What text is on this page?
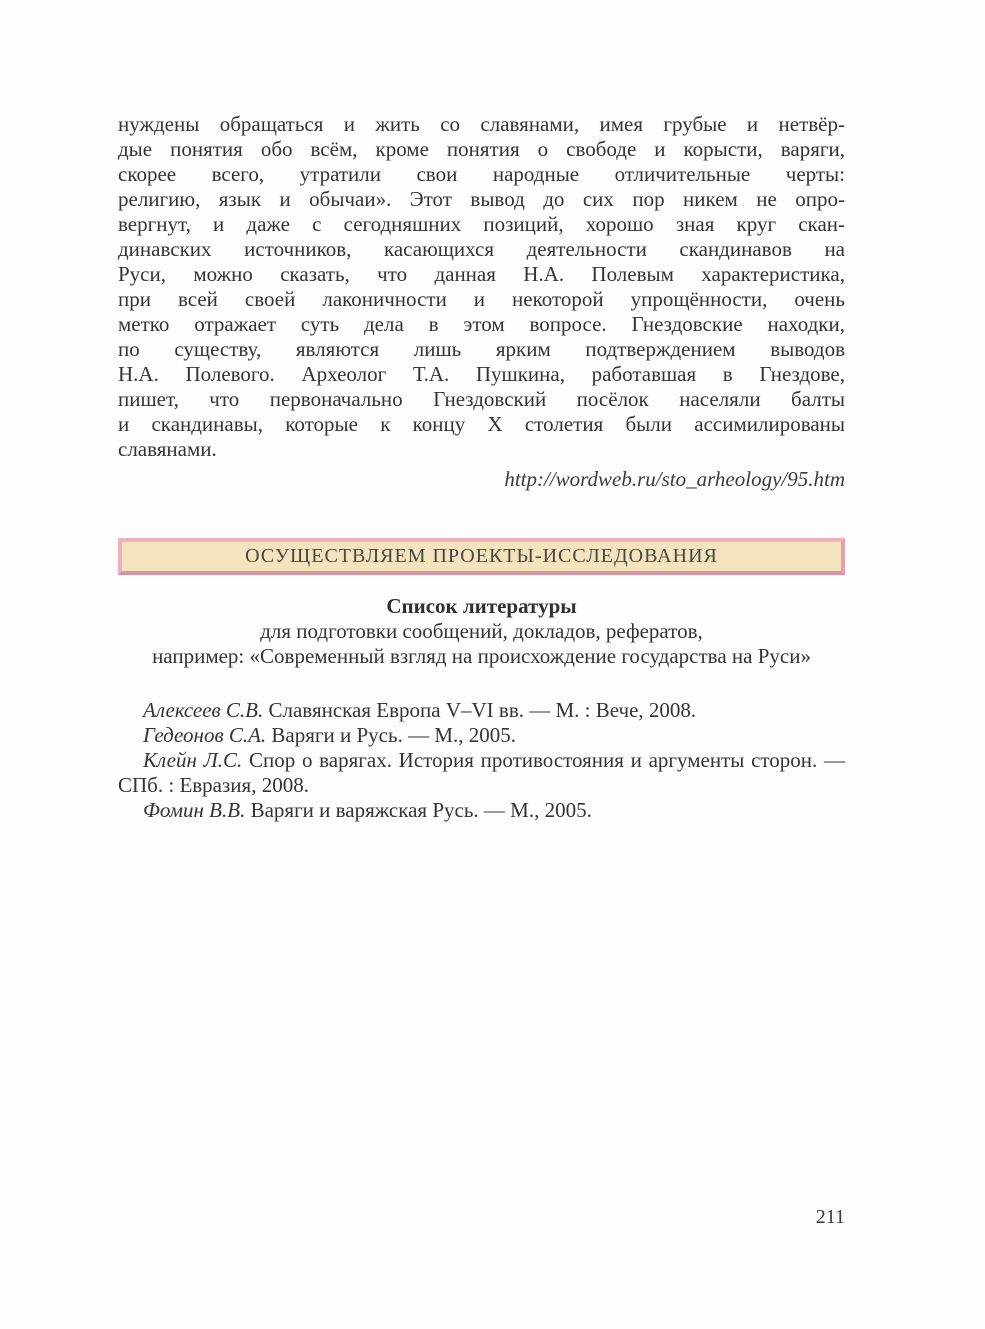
нуждены обращаться и жить со славянами, имея грубые и нетвёр-
дые понятия обо всём, кроме понятия о свободе и корысти, варяги,
скорее всего, утратили свои народные отличительные черты:
религию, язык и обычаи». Этот вывод до сих пор никем не опро-
вергнут, и даже с сегодняшних позиций, хорошо зная круг скан-
динавских источников, касающихся деятельности скандинавов на
Руси, можно сказать, что данная Н.А. Полевым характеристика,
при всей своей лаконичности и некоторой упрощённости, очень
метко отражает суть дела в этом вопросе. Гнездовские находки,
по существу, являются лишь ярким подтверждением выводов
Н.А. Полевого. Археолог Т.А. Пушкина, работавшая в Гнездове,
пишет, что первоначально Гнездовский посёлок населяли балты
и скандинавы, которые к концу X столетия были ассимилированы
славянами.
http://wordweb.ru/sto_arheology/95.htm
ОСУЩЕСТВЛЯЕМ ПРОЕКТЫ-ИССЛЕДОВАНИЯ
Список литературы
для подготовки сообщений, докладов, рефератов,
например: «Современный взгляд на происхождение государства на Руси»

Алексеев С.В. Славянская Европа V–VI вв. — М. : Вече, 2008.

Гедеонов С.А. Варяги и Русь. — М., 2005.

Клейн Л.С. Спор о варягах. История противостояния и аргументы сторон. — СПб. : Евразия, 2008.

Фомин В.В. Варяги и варяжская Русь. — М., 2005.

211
